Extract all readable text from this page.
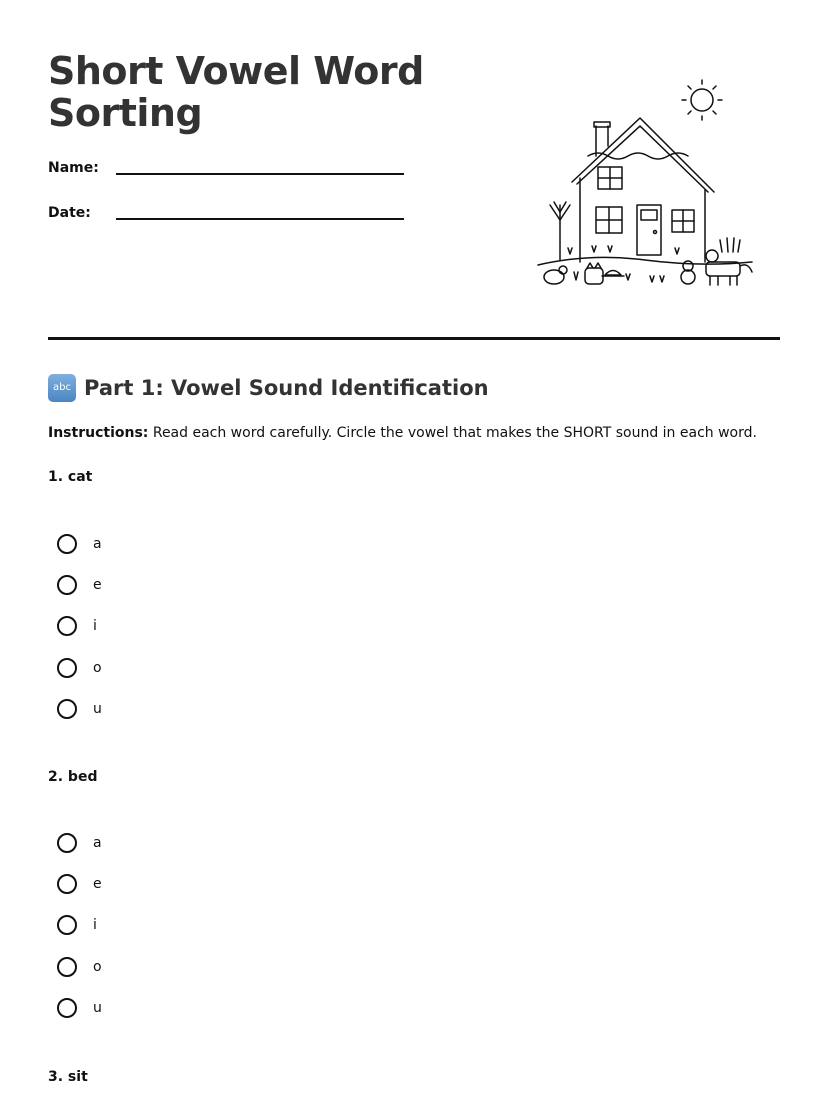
Short Vowel Word Sorting
Name:
Date:
abc Part 1: Vowel Sound Identification
Instructions: Read each word carefully. Circle the vowel that makes the SHORT sound in each word.
1. cat
a
e
i
o
u
2. bed
a
e
i
o
u
3. sit
